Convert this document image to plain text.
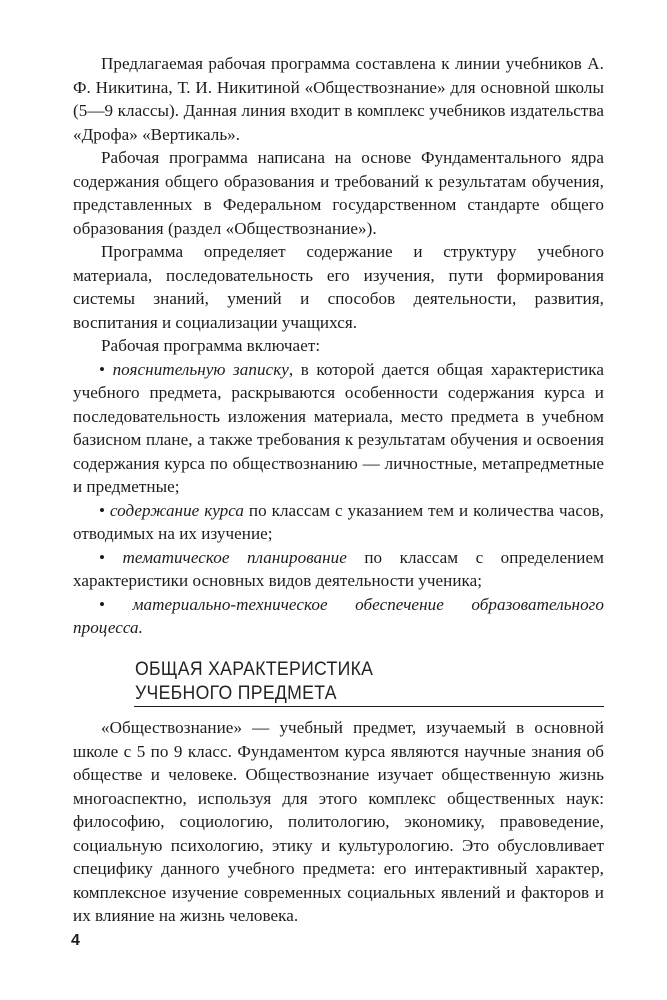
Предлагаемая рабочая программа составлена к линии учебников А. Ф. Никитина, Т. И. Никитиной «Обществознание» для основной школы (5—9 классы). Данная линия входит в комплекс учебников издательства «Дрофа» «Вертикаль».

Рабочая программа написана на основе Фундаментального ядра содержания общего образования и требований к результатам обучения, представленных в Федеральном государственном стандарте общего образования (раздел «Обществознание»).

Программа определяет содержание и структуру учебного материала, последовательность его изучения, пути формирования системы знаний, умений и способов деятельности, развития, воспитания и социализации учащихся.

Рабочая программа включает:

• пояснительную записку, в которой дается общая характеристика учебного предмета, раскрываются особенности содержания курса и последовательность изложения материала, место предмета в учебном базисном плане, а также требования к результатам обучения и освоения содержания курса по обществознанию — личностные, метапредметные и предметные;

• содержание курса по классам с указанием тем и количества часов, отводимых на их изучение;

• тематическое планирование по классам с определением характеристики основных видов деятельности ученика;

• материально-техническое обеспечение образовательного процесса.

ОБЩАЯ ХАРАКТЕРИСТИКА
УЧЕБНОГО ПРЕДМЕТА

«Обществознание» — учебный предмет, изучаемый в основной школе с 5 по 9 класс. Фундаментом курса являются научные знания об обществе и человеке. Обществознание изучает общественную жизнь многоаспектно, используя для этого комплекс общественных наук: философию, социологию, политологию, экономику, правоведение, социальную психологию, этику и культурологию. Это обусловливает специфику данного учебного предмета: его интерактивный характер, комплексное изучение современных социальных явлений и факторов и их влияние на жизнь человека.

4
